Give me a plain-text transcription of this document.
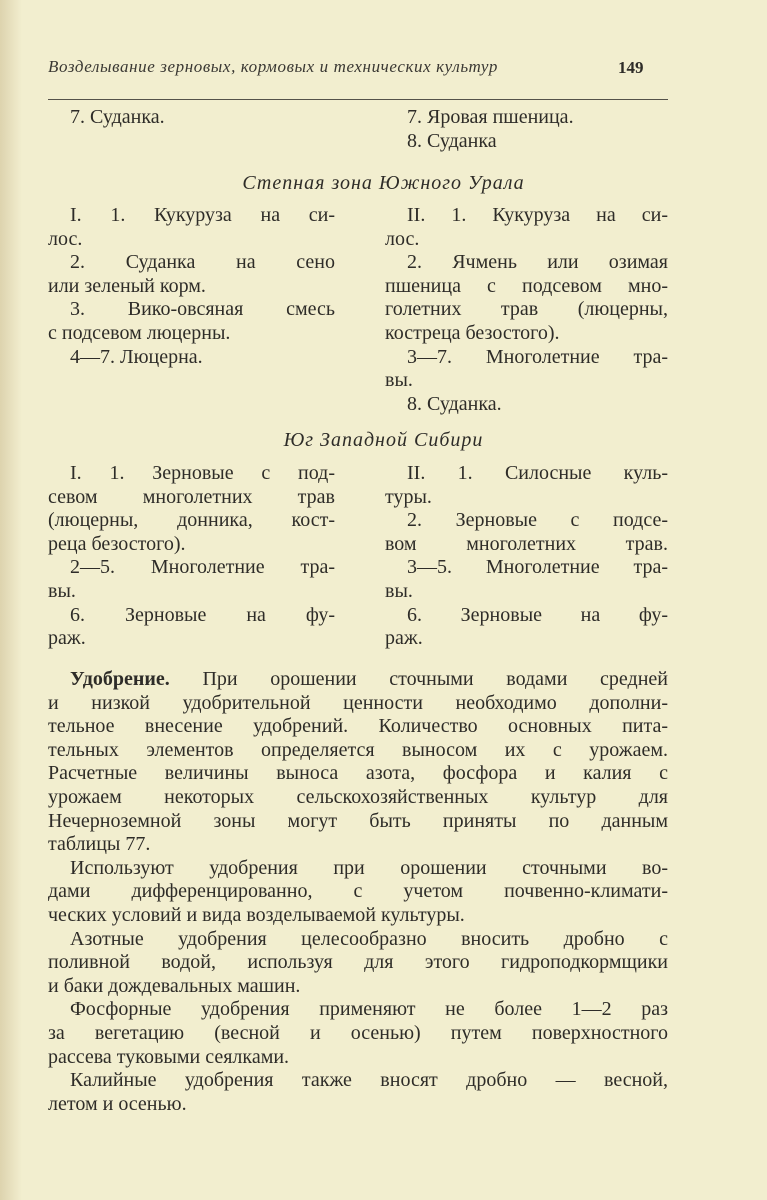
Возделывание зерновых, кормовых и технических культур	149
7. Суданка.	7. Яровая пшеница.
8. Суданка
Степная зона Южного Урала
I. 1. Кукуруза на си-
лос.
2. Суданка на сено
или зеленый корм.
3. Вико-овсяная смесь
с подсевом люцерны.
4—7. Люцерна.
II. 1. Кукуруза на си-
лос.
2. Ячмень или озимая
пшеница с подсевом мно-
голетних трав (люцерны,
костреца безостого).
3—7. Многолетние тра-
вы.
8. Суданка.
Юг Западной Сибири
I. 1. Зерновые с под-
севом многолетних трав
(люцерны, донника, кост-
реца безостого).
2—5. Многолетние тра-
вы.
6. Зерновые на фу-
раж.
II. 1. Силосные куль-
туры.
2. Зерновые с подсе-
вом многолетних трав.
3—5. Многолетние тра-
вы.
6. Зерновые на фу-
раж.
Удобрение. При орошении сточными водами средней
и низкой удобрительной ценности необходимо дополни-
тельное внесение удобрений. Количество основных пита-
тельных элементов определяется выносом их с урожаем.
Расчетные величины выноса азота, фосфора и калия с
урожаем некоторых сельскохозяйственных культур для
Нечерноземной зоны могут быть приняты по данным
таблицы 77.
Используют удобрения при орошении сточными во-
дами дифференцированно, с учетом почвенно-климати-
ческих условий и вида возделываемой культуры.
Азотные удобрения целесообразно вносить дробно с
поливной водой, используя для этого гидроподкормщики
и баки дождевальных машин.
Фосфорные удобрения применяют не более 1—2 раз
за вегетацию (весной и осенью) путем поверхностного
рассева туковыми сеялками.
Калийные удобрения также вносят дробно — весной,
летом и осенью.
